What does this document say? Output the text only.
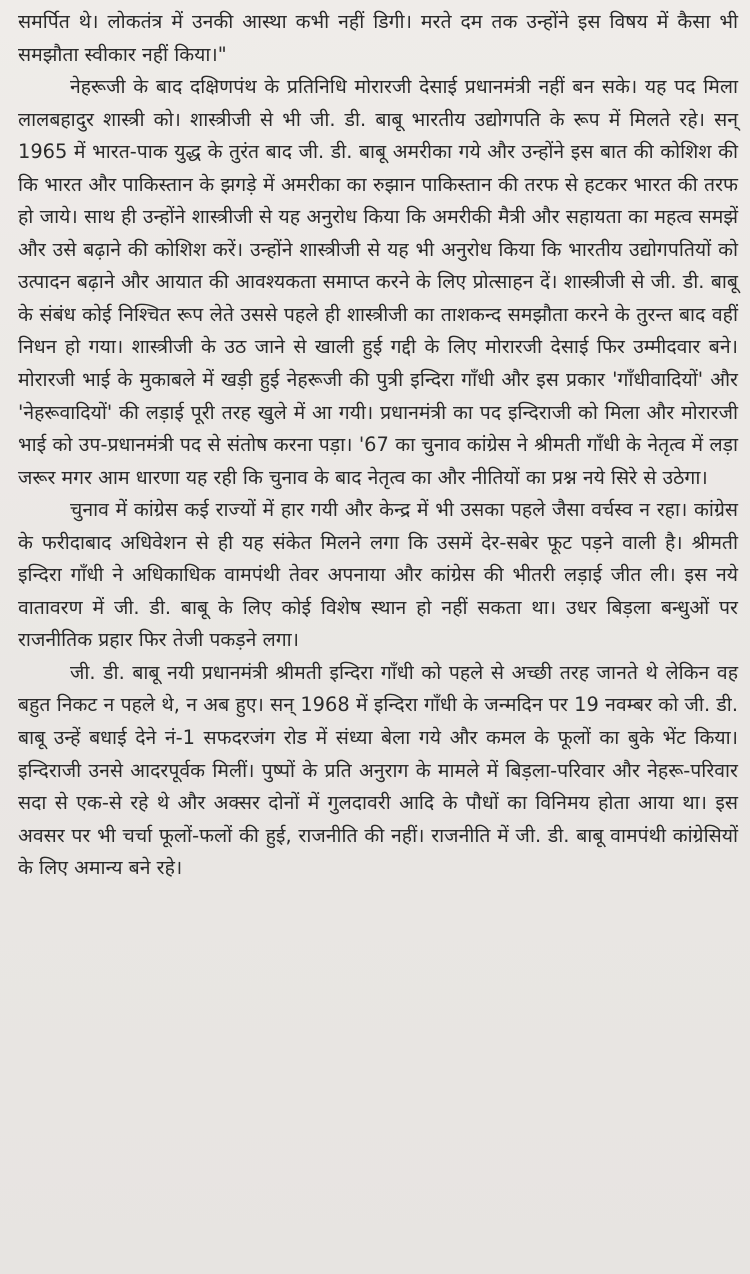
समर्पित थे। लोकतंत्र में उनकी आस्था कभी नहीं डिगी। मरते दम तक उन्होंने इस विषय में कैसा भी समझौता स्वीकार नहीं किया।"

नेहरूजी के बाद दक्षिणपंथ के प्रतिनिधि मोरारजी देसाई प्रधानमंत्री नहीं बन सके। यह पद मिला लालबहादुर शास्त्री को। शास्त्रीजी से भी जी. डी. बाबू भारतीय उद्योगपति के रूप में मिलते रहे। सन् 1965 में भारत-पाक युद्ध के तुरंत बाद जी. डी. बाबू अमरीका गये और उन्होंने इस बात की कोशिश की कि भारत और पाकिस्तान के झगड़े में अमरीका का रुझान पाकिस्तान की तरफ से हटकर भारत की तरफ हो जाये। साथ ही उन्होंने शास्त्रीजी से यह अनुरोध किया कि अमरीकी मैत्री और सहायता का महत्व समझें और उसे बढ़ाने की कोशिश करें। उन्होंने शास्त्रीजी से यह भी अनुरोध किया कि भारतीय उद्योगपतियों को उत्पादन बढ़ाने और आयात की आवश्यकता समाप्त करने के लिए प्रोत्साहन दें। शास्त्रीजी से जी. डी. बाबू के संबंध कोई निश्चित रूप लेते उससे पहले ही शास्त्रीजी का ताशकन्द समझौता करने के तुरन्त बाद वहीं निधन हो गया। शास्त्रीजी के उठ जाने से खाली हुई गद्दी के लिए मोरारजी देसाई फिर उम्मीदवार बने। मोरारजी भाई के मुकाबले में खड़ी हुई नेहरूजी की पुत्री इन्दिरा गाँधी और इस प्रकार 'गाँधीवादियों' और 'नेहरूवादियों' की लड़ाई पूरी तरह खुले में आ गयी। प्रधानमंत्री का पद इन्दिराजी को मिला और मोरारजी भाई को उप-प्रधानमंत्री पद से संतोष करना पड़ा। '67 का चुनाव कांग्रेस ने श्रीमती गाँधी के नेतृत्व में लड़ा जरूर मगर आम धारणा यह रही कि चुनाव के बाद नेतृत्व का और नीतियों का प्रश्न नये सिरे से उठेगा।

चुनाव में कांग्रेस कई राज्यों में हार गयी और केन्द्र में भी उसका पहले जैसा वर्चस्व न रहा। कांग्रेस के फरीदाबाद अधिवेशन से ही यह संकेत मिलने लगा कि उसमें देर-सबेर फूट पड़ने वाली है। श्रीमती इन्दिरा गाँधी ने अधिकाधिक वामपंथी तेवर अपनाया और कांग्रेस की भीतरी लड़ाई जीत ली। इस नये वातावरण में जी. डी. बाबू के लिए कोई विशेष स्थान हो नहीं सकता था। उधर बिड़ला बन्धुओं पर राजनीतिक प्रहार फिर तेजी पकड़ने लगा।

जी. डी. बाबू नयी प्रधानमंत्री श्रीमती इन्दिरा गाँधी को पहले से अच्छी तरह जानते थे लेकिन वह बहुत निकट न पहले थे, न अब हुए। सन् 1968 में इन्दिरा गाँधी के जन्मदिन पर 19 नवम्बर को जी. डी. बाबू उन्हें बधाई देने नं-1 सफदरजंग रोड में संध्या बेला गये और कमल के फूलों का बुके भेंट किया। इन्दिराजी उनसे आदरपूर्वक मिलीं। पुष्पों के प्रति अनुराग के मामले में बिड़ला-परिवार और नेहरू-परिवार सदा से एक-से रहे थे और अक्सर दोनों में गुलदावरी आदि के पौधों का विनिमय होता आया था। इस अवसर पर भी चर्चा फूलों-फलों की हुई, राजनीति की नहीं। राजनीति में जी. डी. बाबू वामपंथी कांग्रेसियों के लिए अमान्य बने रहे।
